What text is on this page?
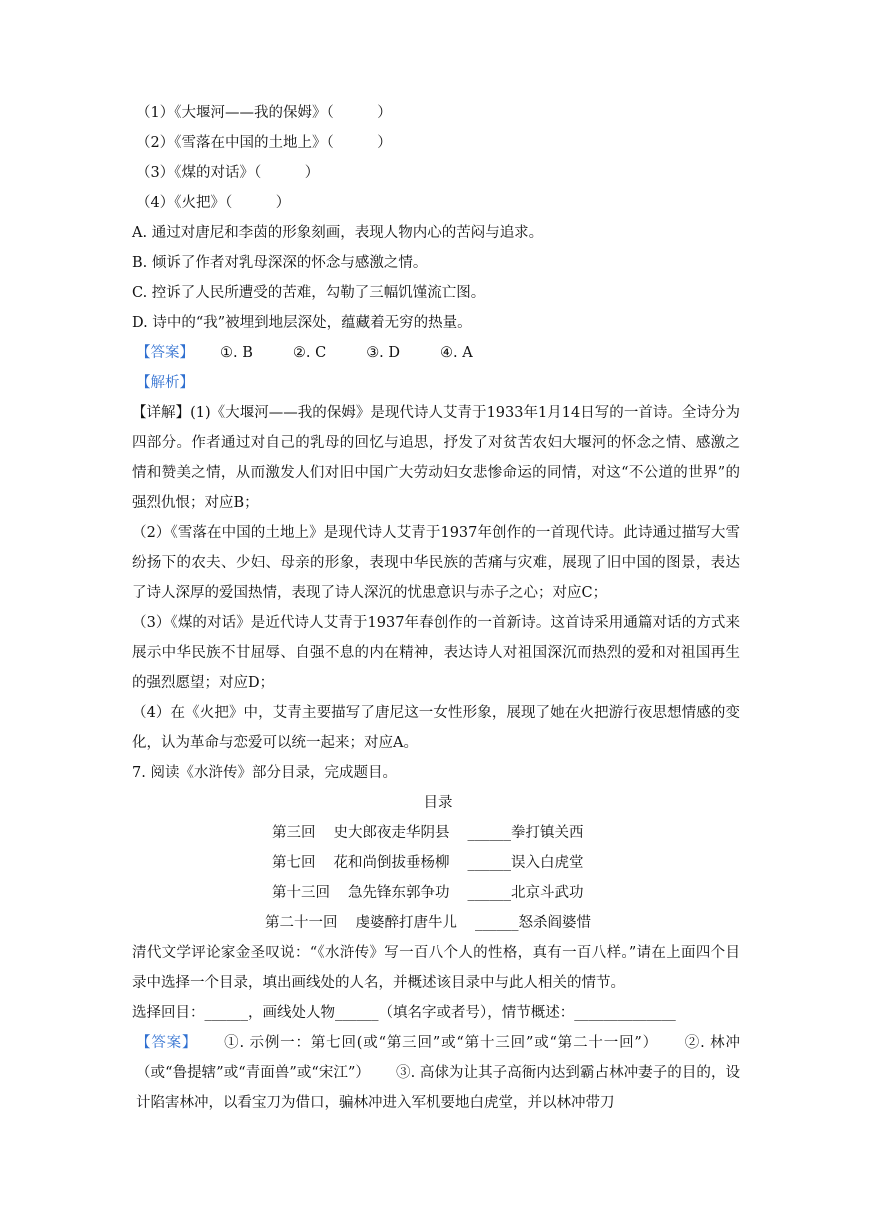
（1）《大堰河——我的保姆》（　　　）
（2）《雪落在中国的土地上》（　　　）
（3）《煤的对话》（　　　）
（4）《火把》（　　　）
A. 通过对唐尼和李茵的形象刻画，表现人物内心的苦闷与追求。
B. 倾诉了作者对乳母深深的怀念与感激之情。
C. 控诉了人民所遭受的苦难，勾勒了三幅饥馑流亡图。
D. 诗中的“我”被埋到地层深处，蕴藏着无穷的热量。
【答案】 ①. B	②. C	③. D	④. A
【解析】
【详解】(1)《大堰河——我的保姆》是现代诗人艾青于1933年1月14日写的一首诗。全诗分为四部分。作者通过对自己的乳母的回忆与追思，抒发了对贫苦农妇大堰河的怀念之情、感激之情和赞美之情，从而激发人们对旧中国广大劳动妇女悲惨命运的同情，对这“不公道的世界”的强烈仇恨；对应B；
（2）《雪落在中国的土地上》是现代诗人艾青于1937年创作的一首现代诗。此诗通过描写大雪纷扬下的农夫、少妇、母亲的形象，表现中华民族的苦痛与灾难，展现了旧中国的图景，表达了诗人深厚的爱国热情，表现了诗人深沉的忧患意识与赤子之心；对应C；
（3）《煤的对话》是近代诗人艾青于1937年春创作的一首新诗。这首诗采用通篇对话的方式来展示中华民族不甘屈辱、自强不息的内在精神，表达诗人对祖国深沉而热烈的爱和对祖国再生的强烈愿望；对应D；
（4）在《火把》中，艾青主要描写了唐尼这一女性形象，展现了她在火把游行夜思想情感的变化，认为革命与恋爱可以统一起来；对应A。
7. 阅读《水浒传》部分目录，完成题目。
目录
第三回 史大郎夜走华阴县 ______拳打镇关西
第七回 花和尚倒拔垂杨柳 ______误入白虎堂
第十三回 急先锋东郭争功 ______北京斗武功
第二十一回 虔婆醉打唐牛儿 ______怒杀阎婆惜
清代文学评论家金圣叹说：“《水浒传》写一百八个人的性格，真有一百八样。”请在上面四个目录中选择一个目录，填出画线处的人名，并概述该目录中与此人相关的情节。
选择回目：______，画线处人物______（填名字或者号），情节概述：______________
【答案】 ①. 示例一：第七回(或“第三回”或“第十三回”或“第二十一回”） ②. 林冲（或“鲁提辖”或“青面兽”或“宋江”） ③. 高俅为让其子高衙内达到霸占林冲妻子的目的，设计陷害林冲，以看宝刀为借口，骗林冲进入军机要地白虎堂，并以林冲带刀
